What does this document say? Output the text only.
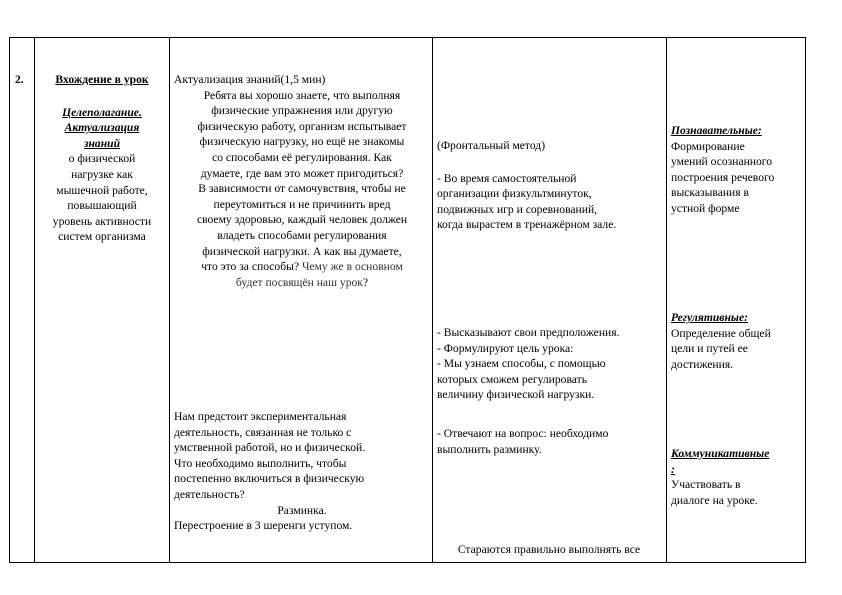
2.	Вхождение в урок

Целеполагание.

Актуализация

знаний

о физической

нагрузке как

мышечной работе,

повышающий

уровень активности

систем организма

Актуализация знаний(1,5 мин)

Ребята вы хорошо знаете, что выполняя

физические упражнения или другую

физическую работу, организм испытывает

физическую нагрузку, но ещё не знакомы

со способами её регулирования. Как

думаете, где вам это может пригодиться?

В зависимости от самочувствия, чтобы не

переутомиться и не причинить вред

своему здоровью, каждый человек должен

владеть способами регулирования

физической нагрузки. А как вы думаете,

что это за способы? Чему же в основном

будет посвящён наш урок?

Нам предстоит экспериментальная

деятельность, связанная не только с

умственной работой, но и физической.

Что необходимо выполнить, чтобы

постепенно включиться в физическую

деятельность?

Разминка.

Перестроение в 3 шеренги уступом.

(Фронтальный метод)

- Во время самостоятельной

организации физкультминуток,

подвижных игр и соревнований,

когда вырастем в тренажёрном зале.

- Высказывают свои предположения.

- Формулируют цель урока:

- Мы узнаем способы, с помощью

которых сможем регулировать

величину физической нагрузки.

- Отвечают на вопрос: необходимо

выполнить разминку.

Стараются правильно выполнять все

Познавательные:

Формирование

умений осознанного

построения речевого

высказывания в

устной форме

Регулятивные:

Определение общей

цели и путей ее

достижения.

Коммуникативные

:

Участвовать в

диалоге на уроке.
